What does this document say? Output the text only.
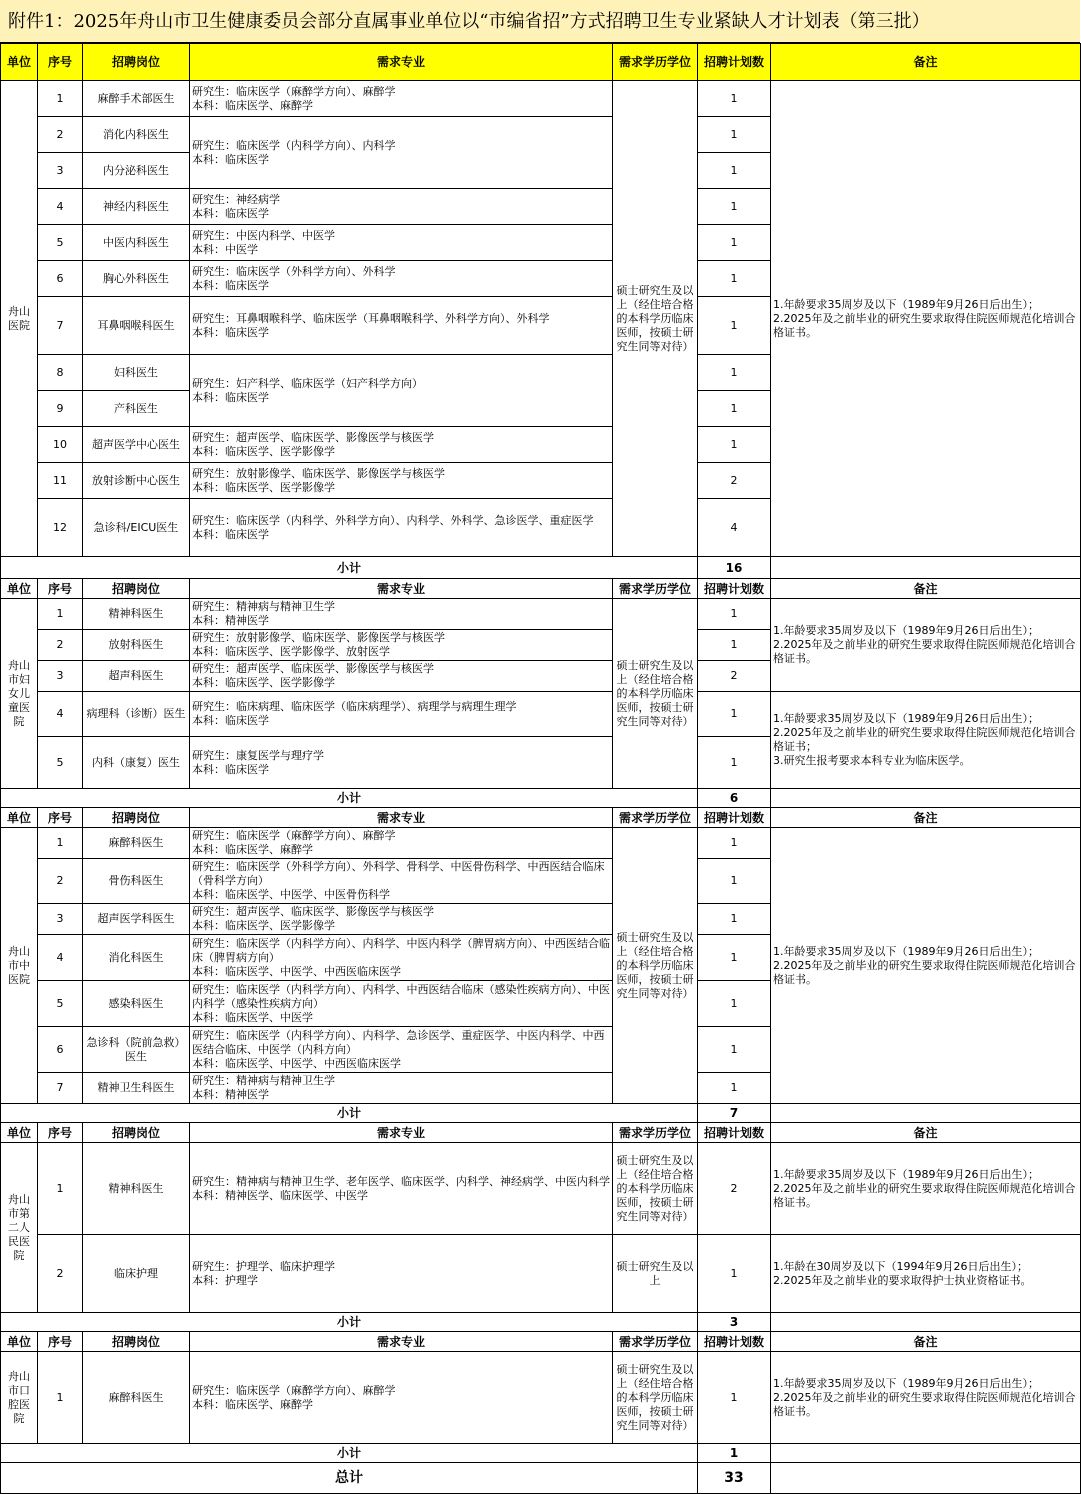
附件1：2025年舟山市卫生健康委员会部分直属事业单位以“市编省招”方式招聘卫生专业紧缺人才计划表（第三批）
单位	序号	招聘岗位	需求专业	需求学历学位	招聘计划数	备注
舟山医院	1	麻醉手术部医生	研究生：临床医学（麻醉学方向）、麻醉学
本科：临床医学、麻醉学	硕士研究生及以上（经住培合格的本科学历临床医师，按硕士研究生同等对待）	1	1.年龄要求35周岁及以下（1989年9月26日后出生）；
2.2025年及之前毕业的研究生要求取得住院医师规范化培训合格证书。
	2	消化内科医生	研究生：临床医学（内科学方向）、内科学
本科：临床医学		1	
	3	内分泌科医生			1	
	4	神经内科医生	研究生：神经病学
本科：临床医学		1	
	5	中医内科医生	研究生：中医内科学、中医学
本科：中医学		1	
	6	胸心外科医生	研究生：临床医学（外科学方向）、外科学
本科：临床医学		1	
	7	耳鼻咽喉科医生	研究生：耳鼻咽喉科学、临床医学（耳鼻咽喉科学、外科学方向）、外科学
本科：临床医学		1	
	8	妇科医生	研究生：妇产科学、临床医学（妇产科学方向）
本科：临床医学		1	
	9	产科医生			1	
	10	超声医学中心医生	研究生：超声医学、临床医学、影像医学与核医学
本科：临床医学、医学影像学		1	
	11	放射诊断中心医生	研究生：放射影像学、临床医学、影像医学与核医学
本科：临床医学、医学影像学		2	
	12	急诊科/EICU医生	研究生：临床医学（内科学、外科学方向）、内科学、外科学、急诊医学、重症医学
本科：临床医学		4	
小计					16	
单位	序号	招聘岗位	需求专业	需求学历学位	招聘计划数	备注
舟山市妇女儿童医院	1	精神科医生	研究生：精神病与精神卫生学
本科：精神医学	硕士研究生及以上（经住培合格的本科学历临床医师，按硕士研究生同等对待）	1	1.年龄要求35周岁及以下（1989年9月26日后出生）；
2.2025年及之前毕业的研究生要求取得住院医师规范化培训合格证书。
	2	放射科医生	研究生：放射影像学、临床医学、影像医学与核医学
本科：临床医学、医学影像学、放射医学		1	
	3	超声科医生	研究生：超声医学、临床医学、影像医学与核医学
本科：临床医学、医学影像学		2	
	4	病理科（诊断）医生	研究生：临床病理、临床医学（临床病理学）、病理学与病理生理学
本科：临床医学		1	1.年龄要求35周岁及以下（1989年9月26日后出生）；
2.2025年及之前毕业的研究生要求取得住院医师规范化培训合格证书；
3.研究生报考要求本科专业为临床医学。
	5	内科（康复）医生	研究生：康复医学与理疗学
本科：临床医学		1	
小计					6	
单位	序号	招聘岗位	需求专业	需求学历学位	招聘计划数	备注
舟山市中医院	1	麻醉科医生	研究生：临床医学（麻醉学方向）、麻醉学
本科：临床医学、麻醉学	硕士研究生及以上（经住培合格的本科学历临床医师，按硕士研究生同等对待）	1	1.年龄要求35周岁及以下（1989年9月26日后出生）；
2.2025年及之前毕业的研究生要求取得住院医师规范化培训合格证书。
	2	骨伤科医生	研究生：临床医学（外科学方向）、外科学、骨科学、中医骨伤科学、中西医结合临床（骨科学方向）
本科：临床医学、中医学、中医骨伤科学		1	
	3	超声医学科医生	研究生：超声医学、临床医学、影像医学与核医学
本科：临床医学、医学影像学		1	
	4	消化科医生	研究生：临床医学（内科学方向）、内科学、中医内科学（脾胃病方向）、中西医结合临床（脾胃病方向）
本科：临床医学、中医学、中西医临床医学		1	
	5	感染科医生	研究生：临床医学（内科学方向）、内科学、中西医结合临床（感染性疾病方向）、中医内科学（感染性疾病方向）
本科：临床医学、中医学		1	
	6	急诊科（院前急救）医生	研究生：临床医学（内科学方向）、内科学、急诊医学、重症医学、中医内科学、中西医结合临床、中医学（内科方向）
本科：临床医学、中医学、中西医临床医学		1	
	7	精神卫生科医生	研究生：精神病与精神卫生学
本科：精神医学		1	
小计					7	
单位	序号	招聘岗位	需求专业	需求学历学位	招聘计划数	备注
舟山市第二人民医院	1	精神科医生	研究生：精神病与精神卫生学、老年医学、临床医学、内科学、神经病学、中医内科学
本科：精神医学、临床医学、中医学	硕士研究生及以上（经住培合格的本科学历临床医师，按硕士研究生同等对待）	2	1.年龄要求35周岁及以下（1989年9月26日后出生）；
2.2025年及之前毕业的研究生要求取得住院医师规范化培训合格证书。
	2	临床护理	研究生：护理学、临床护理学
本科：护理学	硕士研究生及以上	1	1.年龄在30周岁及以下（1994年9月26日后出生）；
2.2025年及之前毕业的要求取得护士执业资格证书。
小计					3	
单位	序号	招聘岗位	需求专业	需求学历学位	招聘计划数	备注
舟山市口腔医院	1	麻醉科医生	研究生：临床医学（麻醉学方向）、麻醉学
本科：临床医学、麻醉学	硕士研究生及以上（经住培合格的本科学历临床医师，按硕士研究生同等对待）	1	1.年龄要求35周岁及以下（1989年9月26日后出生）；
2.2025年及之前毕业的研究生要求取得住院医师规范化培训合格证书。
小计					1	
总计					33	
